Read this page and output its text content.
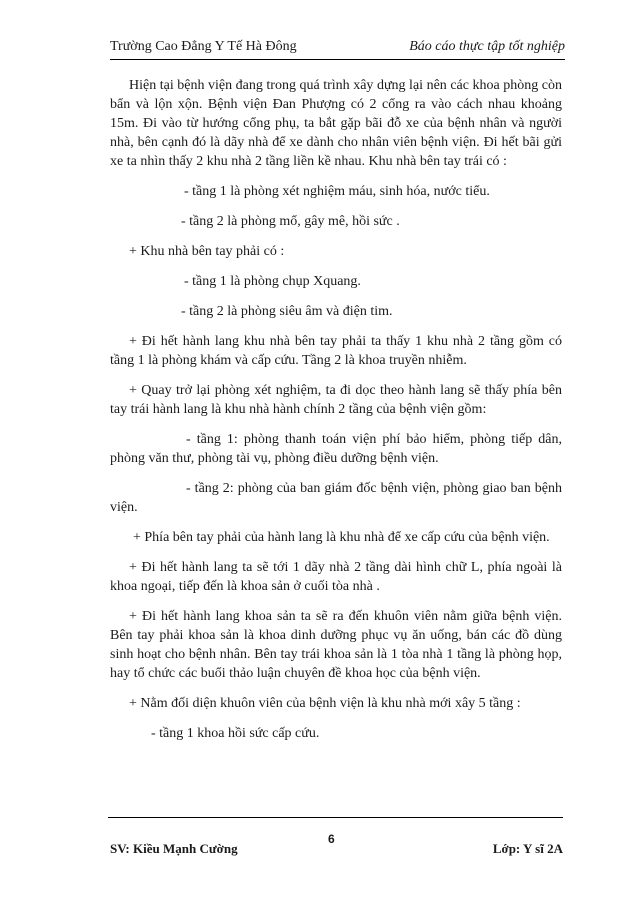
Trường Cao Đẳng Y Tế Hà Đông	Báo cáo thực tập tốt nghiệp

Hiện tại bệnh viện đang trong quá trình xây dựng lại nên các khoa phòng còn bẩn và lộn xộn. Bệnh viện Đan Phượng có 2 cổng ra vào cách nhau khoảng 15m. Đi vào từ hướng cổng phụ, ta bắt gặp bãi đỗ xe của bệnh nhân và người nhà, bên cạnh đó là dãy nhà để xe dành cho nhân viên bệnh viện. Đi hết bãi gửi xe ta nhìn thấy 2 khu nhà 2 tầng liền kề nhau. Khu nhà bên tay trái có :

- tầng 1 là phòng xét nghiệm máu, sinh hóa, nước tiểu.

- tầng 2 là phòng mổ, gây mê, hồi sức .

+ Khu nhà bên tay phải có :

- tầng 1 là phòng chụp Xquang.

- tầng 2 là phòng siêu âm và điện tim.

+ Đi hết hành lang khu nhà bên tay phải ta thấy 1 khu nhà 2 tầng gồm có tầng 1 là phòng khám và cấp cứu. Tầng 2 là khoa truyền nhiễm.

+ Quay trở lại phòng xét nghiệm, ta đi dọc theo hành lang sẽ thấy phía bên tay trái hành lang là khu nhà hành chính 2 tầng của bệnh viện gồm:

- tầng 1: phòng thanh toán viện phí bảo hiểm, phòng tiếp dân, phòng văn thư, phòng tài vụ, phòng điều dưỡng bệnh viện.

- tầng 2: phòng của ban giám đốc bệnh viện, phòng giao ban bệnh viện.

+ Phía bên tay phải của hành lang là khu nhà để xe cấp cứu của bệnh viện.

+ Đi hết hành lang ta sẽ tới 1 dãy nhà 2 tầng dài hình chữ L, phía ngoài là khoa ngoại, tiếp đến là khoa sản ở cuối tòa nhà .

+ Đi hết hành lang khoa sản ta sẽ ra đến khuôn viên nằm giữa bệnh viện. Bên tay phải khoa sản là khoa dinh dưỡng phục vụ ăn uống, bán các đồ dùng sinh hoạt cho bệnh nhân. Bên tay trái khoa sản là 1 tòa nhà 1 tầng là phòng họp, hay tổ chức các buổi thảo luận chuyên đề khoa học của bệnh viện.

+ Nằm đối diện khuôn viên của bệnh viện là khu nhà mới xây 5 tầng :

- tầng 1 khoa hồi sức cấp cứu.

SV: Kiều Mạnh Cường
6
Lớp: Y sĩ 2A
